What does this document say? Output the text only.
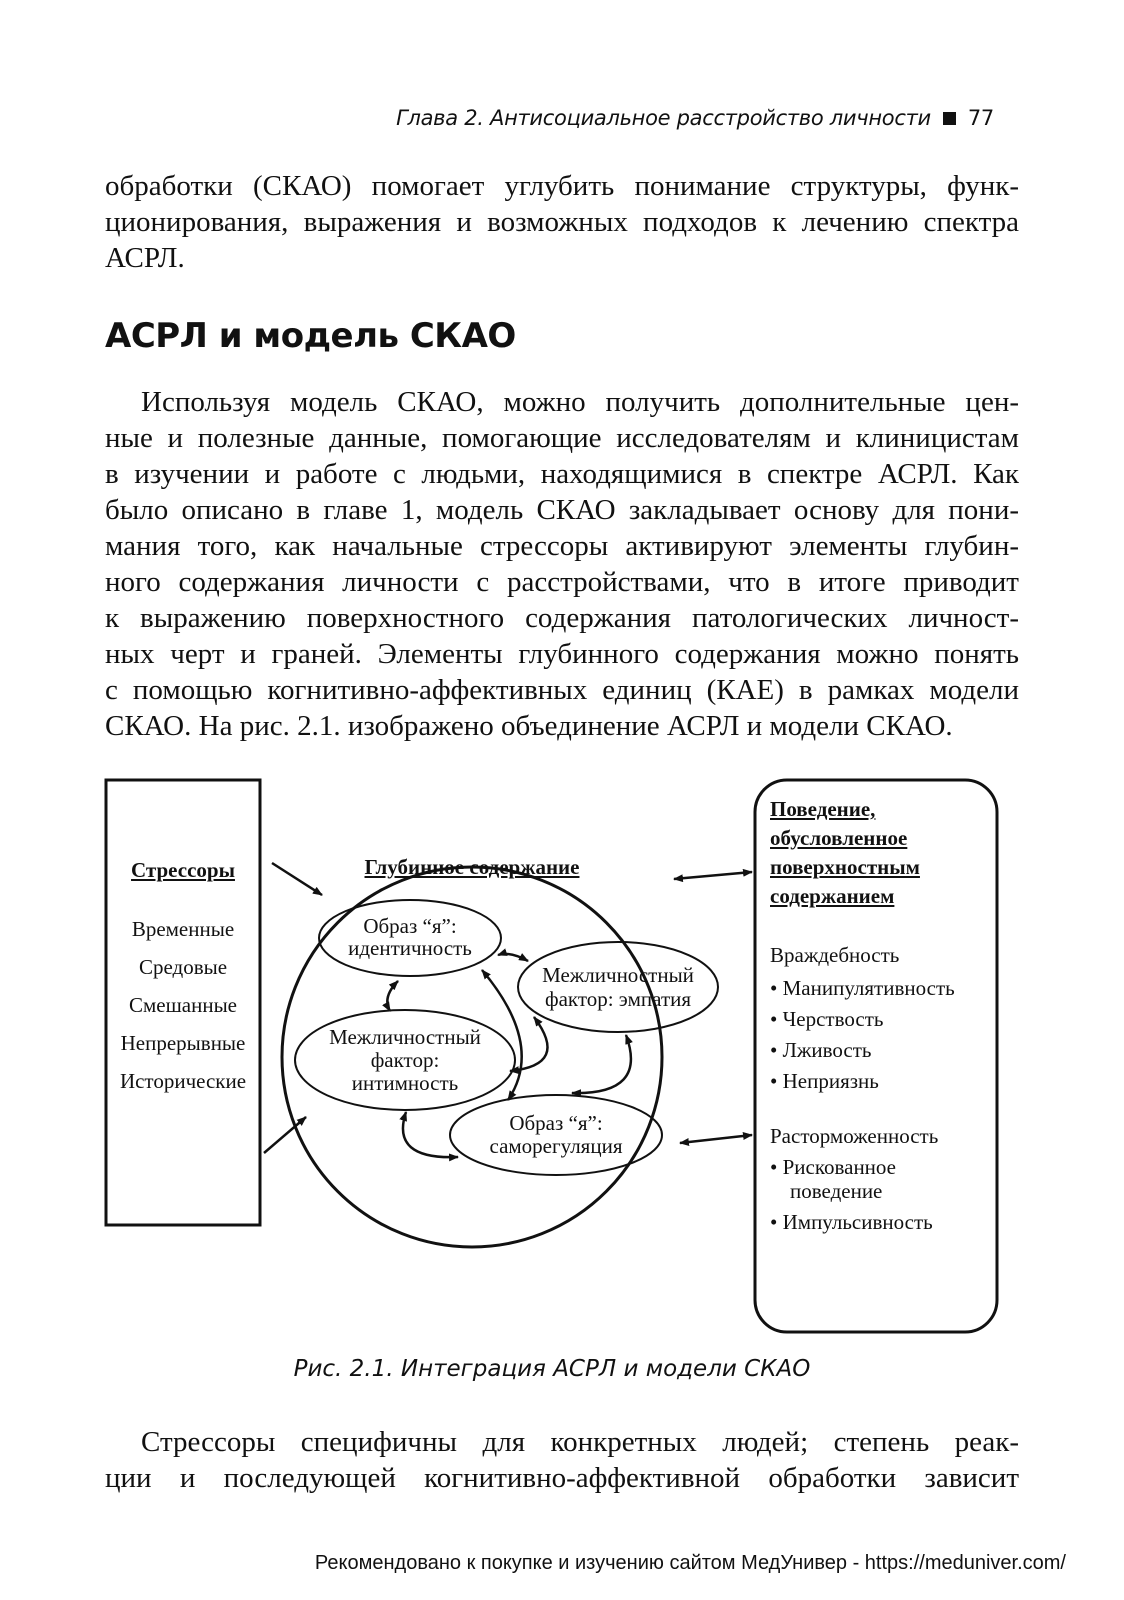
Глава 2. Антисоциальное расстройство личности 77

обработки (СКАО) помогает углубить понимание структуры, функ-
ционирования, выражения и возможных подходов к лечению спектра
АСРЛ.

АСРЛ и модель СКАО

Используя модель СКАО, можно получить дополнительные цен-
ные и полезные данные, помогающие исследователям и клиницистам
в изучении и работе с людьми, находящимися в спектре АСРЛ. Как
было описано в главе 1, модель СКАО закладывает основу для пони-
мания того, как начальные стрессоры активируют элементы глубин-
ного содержания личности с расстройствами, что в итоге приводит
к выражению поверхностного содержания патологических личност-
ных черт и граней. Элементы глубинного содержания можно понять
с помощью когнитивно-аффективных единиц (КАЕ) в рамках модели
СКАО. На рис. 2.1. изображено объединение АСРЛ и модели СКАО.

Стрессоры
Временные
Средовые
Смешанные
Непрерывные
Исторические
Глубинное содержание
Образ “я”:
идентичность
Межличностный
фактор: эмпатия
Межличностный
фактор:
интимность
Образ “я”:
саморегуляция
Поведение,
обусловленное
поверхностным
содержанием
Враждебность
• Манипулятивность
• Черствость
• Лживость
• Неприязнь
Расторможенность
• Рискованное
поведение
• Импульсивность
Рис. 2.1. Интеграция АСРЛ и модели СКАО

Стрессоры специфичны для конкретных людей; степень реак-
ции и последующей когнитивно-аффективной обработки зависит

Рекомендовано к покупке и изучению сайтом МедУнивер - https://meduniver.com/
